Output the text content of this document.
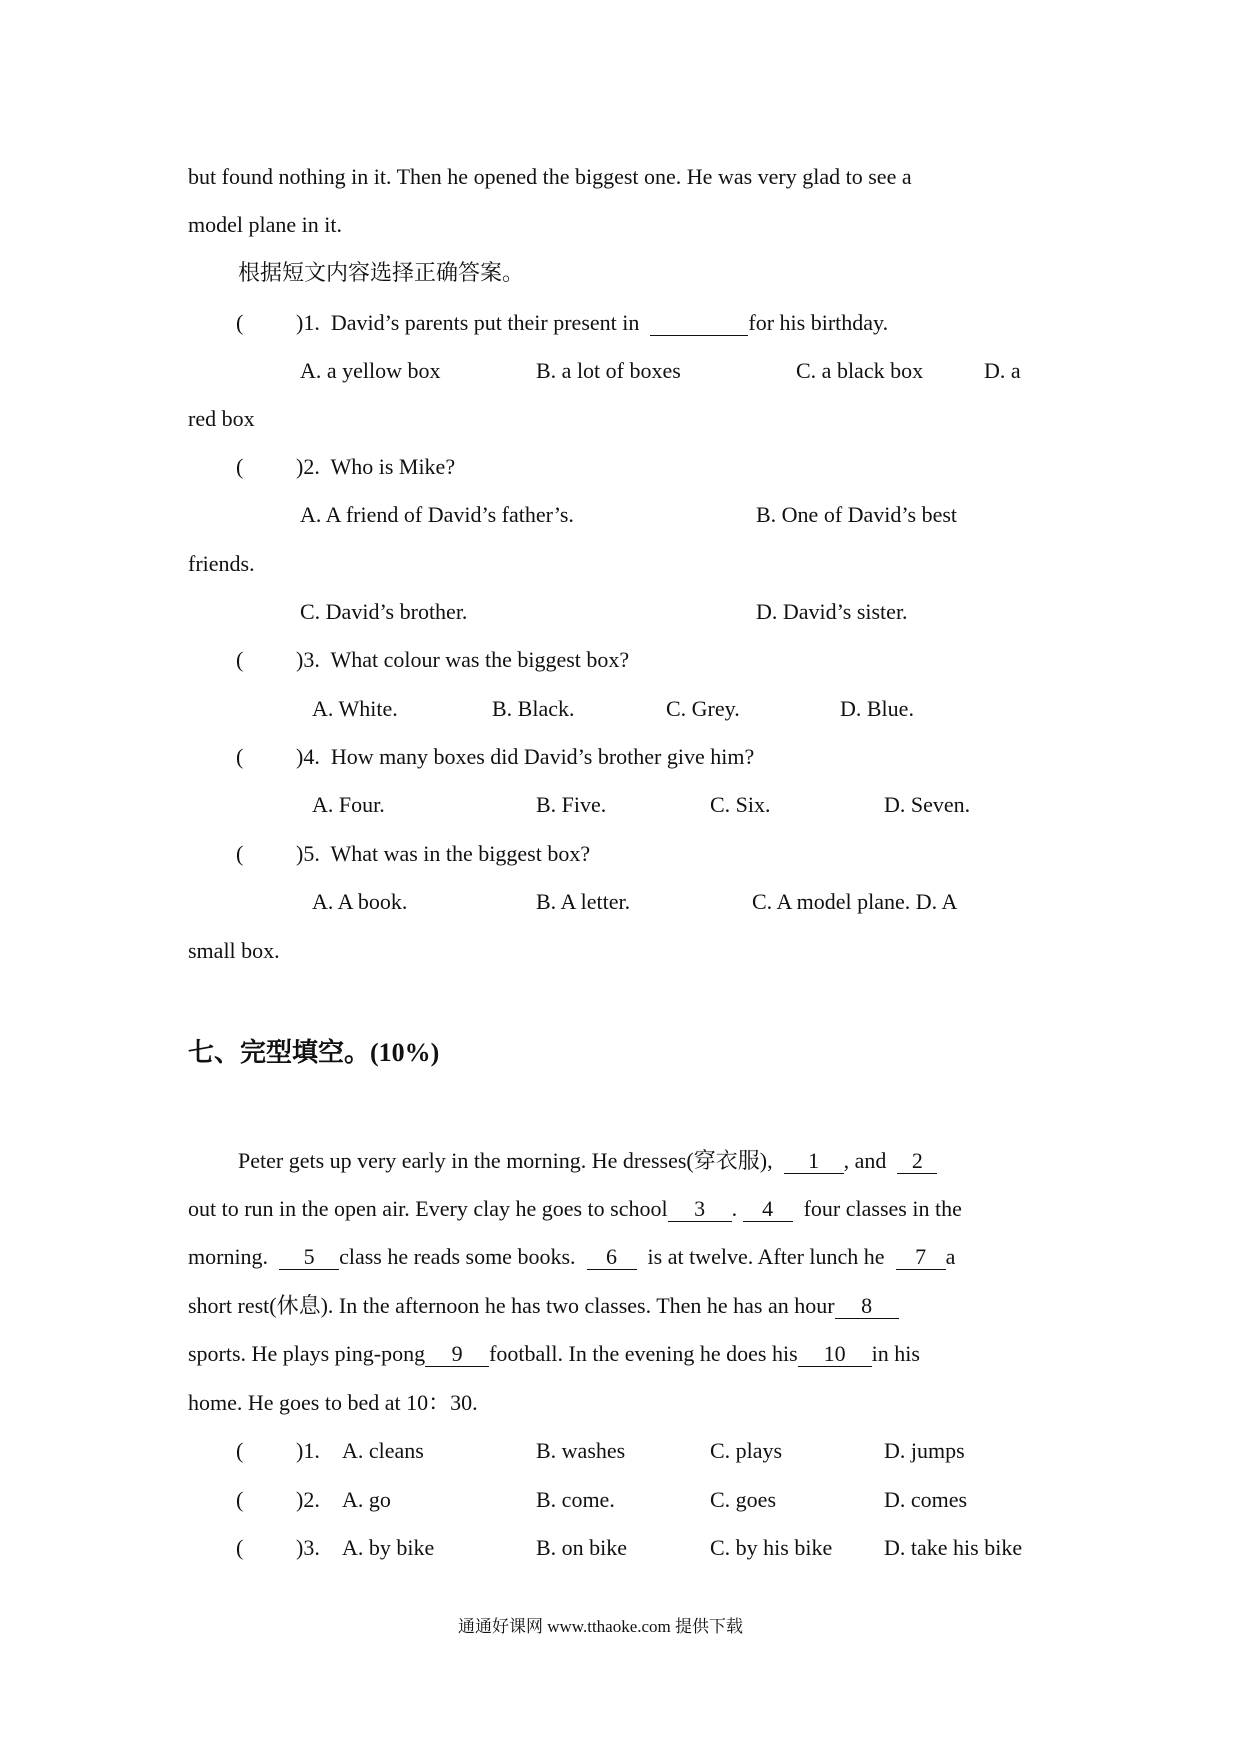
but found nothing in it. Then he opened the biggest one. He was very glad to see a
model plane in it.
根据短文内容选择正确答案。
( )1. David’s parents put their present in	for his birthday.
A. a yellow box	B. a lot of boxes	C. a black box	D. a
red box
( )2. Who is Mike?
A. A friend of David’s father’s.	B. One of David’s best
friends.
C. David’s brother.	D. David’s sister.
( )3. What colour was the biggest box?
A. White.	B. Black.	C. Grey.	D. Blue.
( )4. How many boxes did David’s brother give him?
A. Four.	B. Five.	C. Six.	D. Seven.
( )5. What was in the biggest box?
A. A book.	B. A letter.	C. A model plane. D. A
small box.
七、完型填空。(10%)
Peter gets up very early in the morning. He dresses(穿衣服), 1 , and 2
out to run in the open air. Every clay he goes to school 3 . 4 four classes in the
morning. 5 class he reads some books. 6 is at twelve. After lunch he 7 a
short rest(休息). In the afternoon he has two classes. Then he has an hour 8
sports. He plays ping-pong 9 football. In the evening he does his 10 in his
home. He goes to bed at 10：30.
( )1. A. cleans	B. washes	C. plays	D. jumps
( )2. A. go	B. come.	C. goes	D. comes
( )3. A. by bike	B. on bike	C. by his bike D. take his bike
通通好课网 www.tthaoke.com 提供下载
